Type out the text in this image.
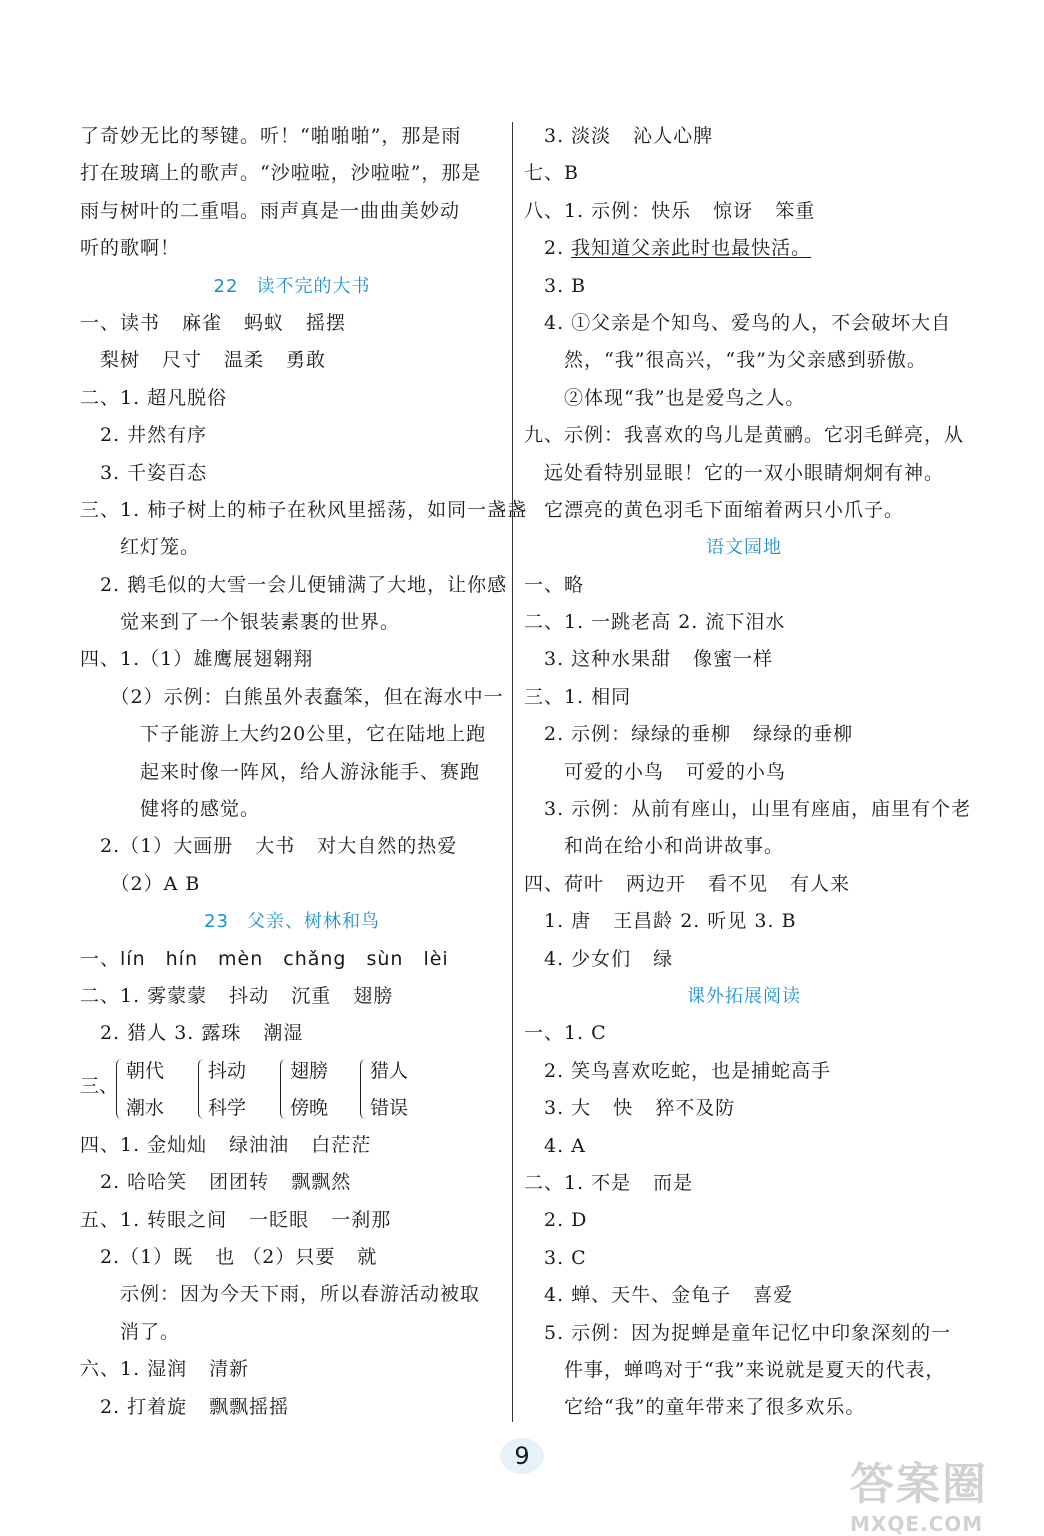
了奇妙无比的琴键。听！“啪啪啪”，那是雨
打在玻璃上的歌声。“沙啦啦，沙啦啦”，那是
雨与树叶的二重唱。雨声真是一曲曲美妙动
听的歌啊！
22 读不完的大书
一、读书 麻雀 蚂蚁 摇摆
　梨树 尺寸 温柔 勇敢
二、1. 超凡脱俗
　2. 井然有序
　3. 千姿百态
三、1. 柿子树上的柿子在秋风里摇荡，如同一盏盏
　　红灯笼。
　2. 鹅毛似的大雪一会儿便铺满了大地，让你感
　　觉来到了一个银装素裹的世界。
四、1.（1）雄鹰展翅翱翔
　　（2）示例：白熊虽外表蠢笨，但在海水中一
　　　下子能游上大约20公里，它在陆地上跑
　　　起来时像一阵风，给人游泳能手、赛跑
　　　健将的感觉。
　2.（1）大画册 大书 对大自然的热爱
　　（2）A B
23 父亲、树林和鸟
一、lín hín mèn chǎng sùn lèi
二、1. 雾蒙蒙 抖动 沉重 翅膀
　2. 猎人 3. 露珠 潮湿
三、
朝代
潮水
抖动
科学
翅膀
傍晚
猎人
错误
四、1. 金灿灿 绿油油 白茫茫
　2. 哈哈笑 团团转 飘飘然
五、1. 转眼之间 一眨眼 一刹那
　2.（1）既 也 （2）只要 就
　　示例：因为今天下雨，所以春游活动被取
　　消了。
六、1. 湿润 清新
　2. 打着旋 飘飘摇摇
　3. 淡淡 沁人心脾
七、B
八、1. 示例：快乐 惊讶 笨重
　2. 我知道父亲此时也最快活。
　3. B
　4. ①父亲是个知鸟、爱鸟的人，不会破坏大自
　　然，“我”很高兴，“我”为父亲感到骄傲。
　　②体现“我”也是爱鸟之人。
九、示例：我喜欢的鸟儿是黄鹂。它羽毛鲜亮，从
　远处看特别显眼！它的一双小眼睛炯炯有神。
　它漂亮的黄色羽毛下面缩着两只小爪子。
语文园地
一、略
二、1. 一跳老高 2. 流下泪水
　3. 这种水果甜 像蜜一样
三、1. 相同
　2. 示例：绿绿的垂柳 绿绿的垂柳
　　可爱的小鸟 可爱的小鸟
　3. 示例：从前有座山，山里有座庙，庙里有个老
　　和尚在给小和尚讲故事。
四、荷叶 两边开 看不见 有人来
　1. 唐 王昌龄 2. 听见 3. B
　4. 少女们 绿
课外拓展阅读
一、1. C
　2. 笑鸟喜欢吃蛇，也是捕蛇高手
　3. 大 快 猝不及防
　4. A
二、1. 不是 而是
　2. D
　3. C
　4. 蝉、天牛、金龟子 喜爱
　5. 示例：因为捉蝉是童年记忆中印象深刻的一
　　件事，蝉鸣对于“我”来说就是夏天的代表，
　　它给“我”的童年带来了很多欢乐。
9
答案圈
MXQE.COM
